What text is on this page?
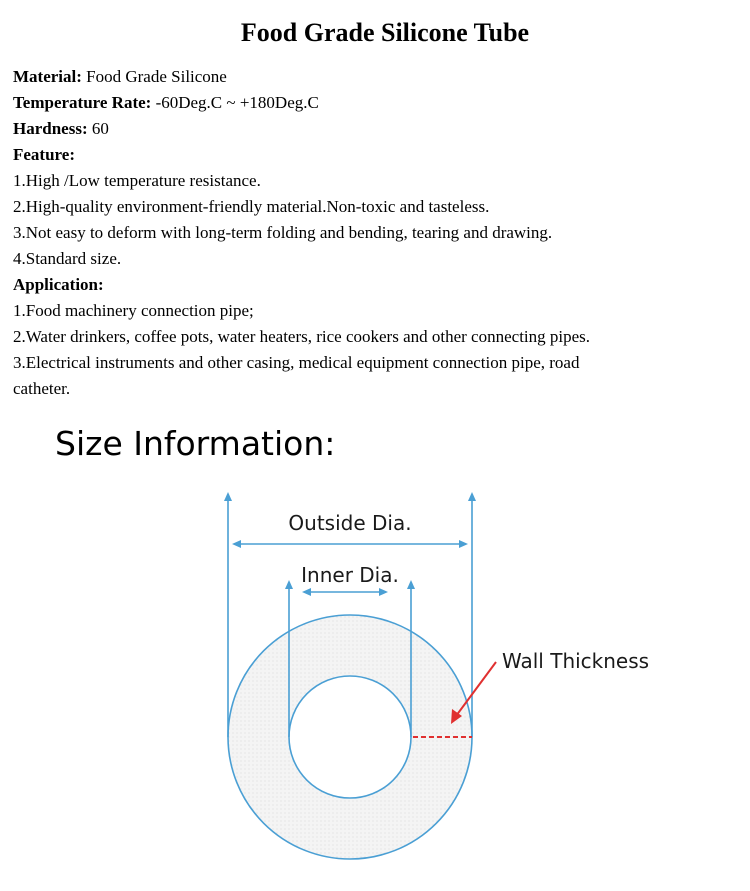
Food Grade Silicone Tube

Material: Food Grade Silicone

Temperature Rate: -60Deg.C ~ +180Deg.C

Hardness: 60

Feature:

1.High /Low temperature resistance.

2.High-quality environment-friendly material.Non-toxic and tasteless.

3.Not easy to deform with long-term folding and bending, tearing and drawing.

4.Standard size.

Application:

1.Food machinery connection pipe;

2.Water drinkers, coffee pots, water heaters, rice cookers and other connecting pipes.

3.Electrical instruments and other casing, medical equipment connection pipe, road

catheter.

Size Information:
Outside Dia.
Inner Dia.
Wall Thickness
